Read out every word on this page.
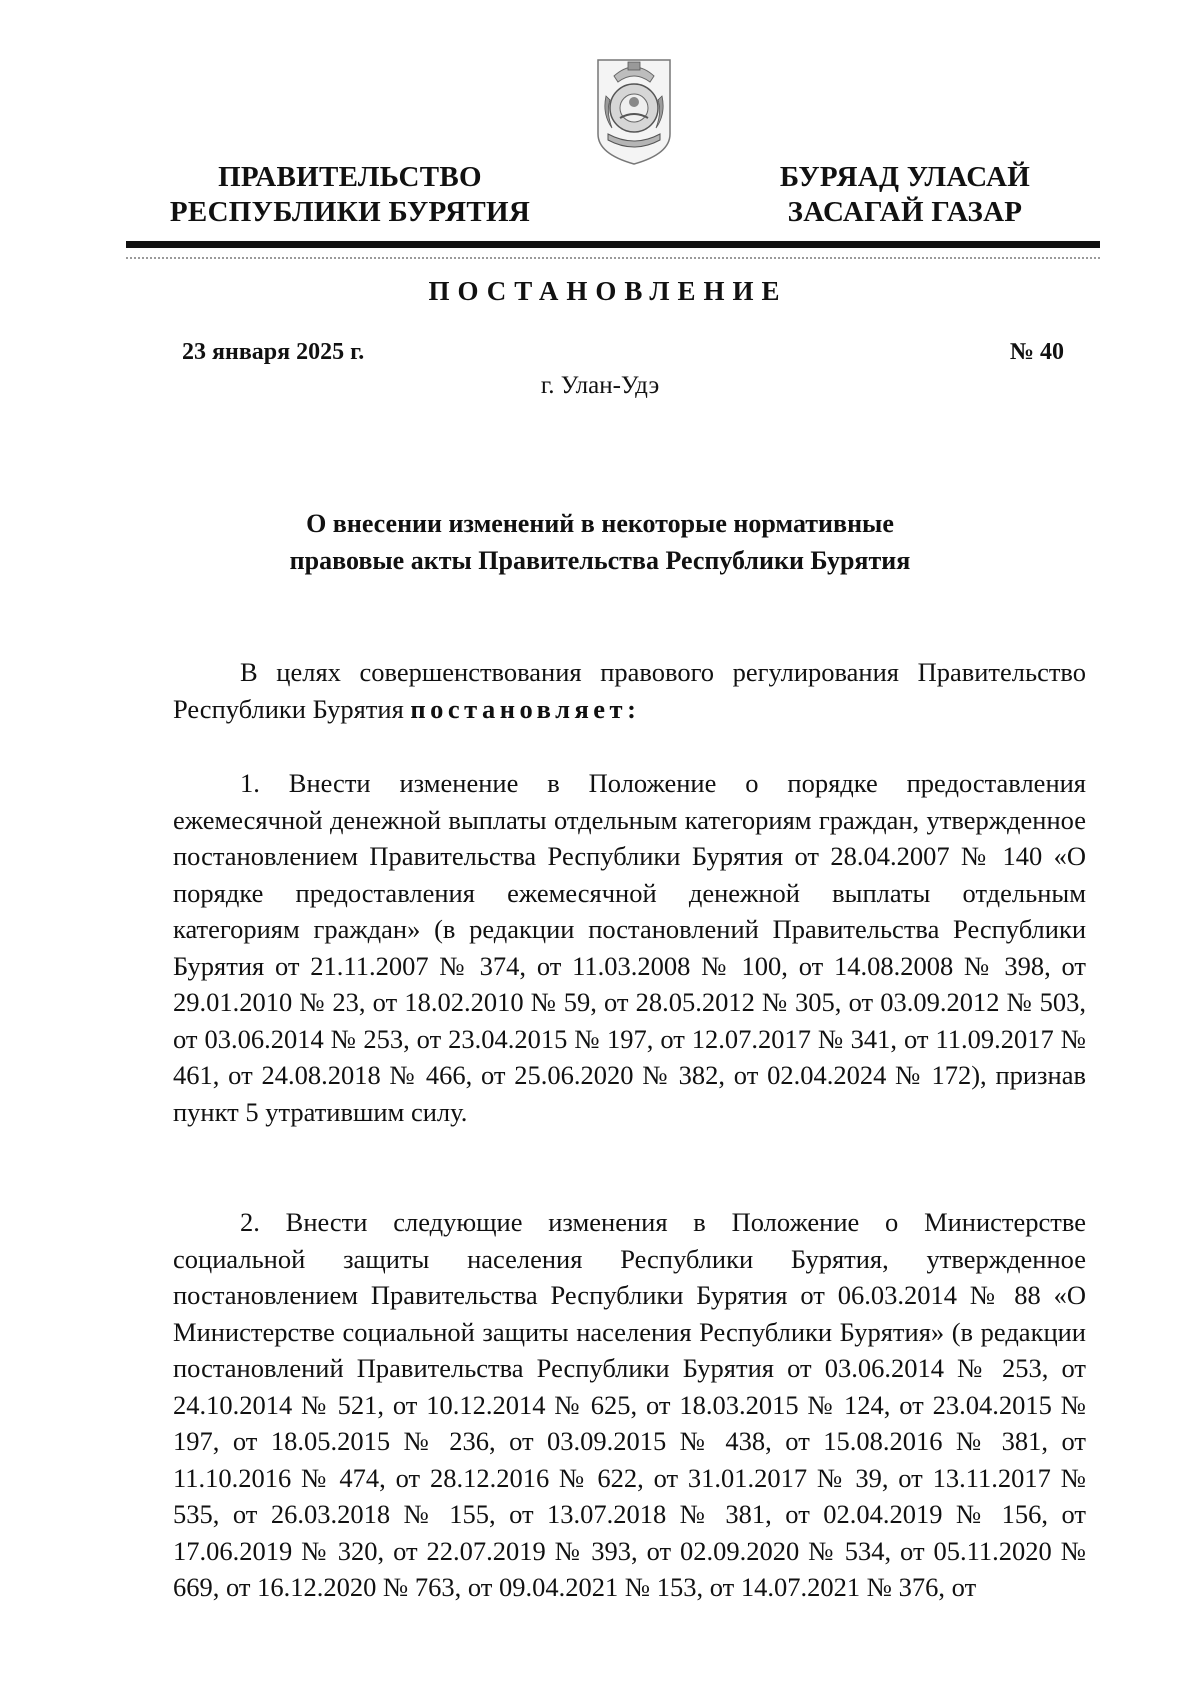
ПРАВИТЕЛЬСТВО
РЕСПУБЛИКИ БУРЯТИЯ
БУРЯАД УЛАСАЙ
ЗАСАГАЙ ГАЗАР
ПОСТАНОВЛЕНИЕ
23 января 2025 г.	№ 40
г. Улан-Удэ
О внесении изменений в некоторые нормативные
правовые акты Правительства Республики Бурятия

В целях совершенствования правового регулирования Правительство Республики Бурятия постановляет:

1. Внести изменение в Положение о порядке предоставления ежемесячной денежной выплаты отдельным категориям граждан, утвержденное постановлением Правительства Республики Бурятия от 28.04.2007 № 140 «О порядке предоставления ежемесячной денежной выплаты отдельным категориям граждан» (в редакции постановлений Правительства Республики Бурятия от 21.11.2007 № 374, от 11.03.2008 № 100, от 14.08.2008 № 398, от 29.01.2010 № 23, от 18.02.2010 № 59, от 28.05.2012 № 305, от 03.09.2012 № 503, от 03.06.2014 № 253, от 23.04.2015 № 197, от 12.07.2017 № 341, от 11.09.2017 № 461, от 24.08.2018 № 466, от 25.06.2020 № 382, от 02.04.2024 № 172), признав пункт 5 утратившим силу.

2. Внести следующие изменения в Положение о Министерстве социальной защиты населения Республики Бурятия, утвержденное постановлением Правительства Республики Бурятия от 06.03.2014 № 88 «О Министерстве социальной защиты населения Республики Бурятия» (в редакции постановлений Правительства Республики Бурятия от 03.06.2014 № 253, от 24.10.2014 № 521, от 10.12.2014 № 625, от 18.03.2015 № 124, от 23.04.2015 № 197, от 18.05.2015 № 236, от 03.09.2015 № 438, от 15.08.2016 № 381, от 11.10.2016 № 474, от 28.12.2016 № 622, от 31.01.2017 № 39, от 13.11.2017 № 535, от 26.03.2018 № 155, от 13.07.2018 № 381, от 02.04.2019 № 156, от 17.06.2019 № 320, от 22.07.2019 № 393, от 02.09.2020 № 534, от 05.11.2020 № 669, от 16.12.2020 № 763, от 09.04.2021 № 153, от 14.07.2021 № 376, от
